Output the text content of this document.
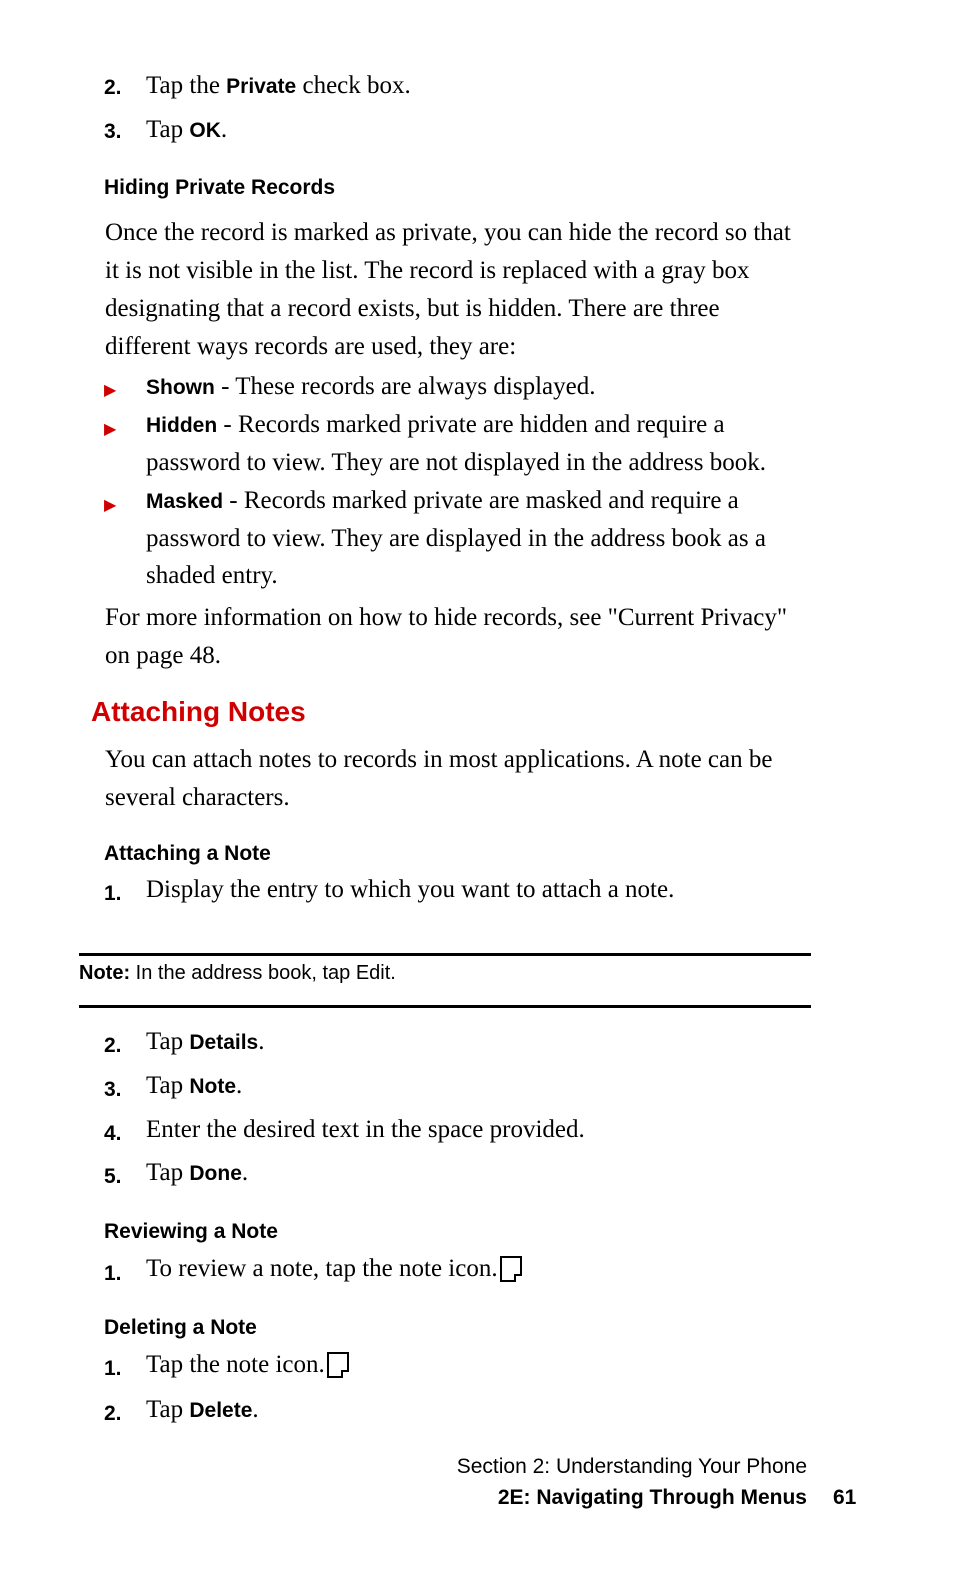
2. Tap the Private check box.
3. Tap OK.
Hiding Private Records
Once the record is marked as private, you can hide the record so that it is not visible in the list. The record is replaced with a gray box designating that a record exists, but is hidden. There are three different ways records are used, they are:
▶ Shown - These records are always displayed.
▶ Hidden - Records marked private are hidden and require a password to view. They are not displayed in the address book.
▶ Masked - Records marked private are masked and require a password to view. They are displayed in the address book as a shaded entry.
For more information on how to hide records, see "Current Privacy" on page 48.
Attaching Notes
You can attach notes to records in most applications. A note can be several characters.
Attaching a Note
1. Display the entry to which you want to attach a note.
Note: In the address book, tap Edit.
2. Tap Details.
3. Tap Note.
4. Enter the desired text in the space provided.
5. Tap Done.
Reviewing a Note
1. To review a note, tap the note icon.
Deleting a Note
1. Tap the note icon.
2. Tap Delete.
Section 2: Understanding Your Phone
2E: Navigating Through Menus 61
